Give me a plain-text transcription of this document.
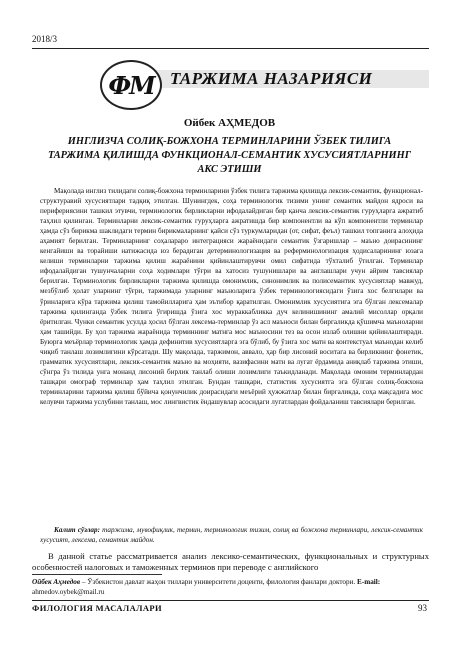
2018/3
ФМ ТАРЖИМА НАЗАРИЯСИ
Ойбек АҲМЕДОВ
ИНГЛИЗЧА СОЛИҚ-БОЖХОНА ТЕРМИНЛАРИНИ ЎЗБЕК ТИЛИГА ТАРЖИМА ҚИЛИШДА ФУНКЦИОНАЛ-СЕМАНТИК ХУСУСИЯТЛАРНИНГ АКС ЭТИШИ

Мақолада инглиз тилидаги солиқ-божхона терминларини ўзбек тилига таржима қилишда лексик-семантик, функционал-структуравий хусусиятлари тадқиқ этилган. Шунингдек, соҳа терминологик тизими унинг семантик майдон ядроси ва перифериясини ташкил этувчи, терминологик бирликларни ифодалайдиган бир қанча лексик-семантик гуруҳларга ажратиб таҳлил қилинган. Терминларни лексик-семантик гуруҳларга ажратишда бир компонентли ва кўп компонентли терминлар ҳамда сўз бирикма шаклидаги термин бирикмаларнинг қайси сўз туркумларидан (от, сифат, феъл) ташкил топганига алоҳида аҳамият берилган. Терминларнинг соҳаларaро интеграцияси жараёнидаги семантик ўзгаришлар – маъно доирасининг кенгайиши ва торайиши натижасида юз берадиган детерминологизация ва реферминологизация ҳодисаларининг юзага келиши терминларни таржима қилиш жараёнини қийинлаштирувчи омил сифатида тўхталиб ўтилган. Терминлар ифодалайдиган тушунчаларни соҳа ходимлари тўғри ва хатосиз тушунишлари ва англашлари учун айрим тавсиялар берилган. Терминологик бирликларни таржима қилишда омонимлик, синонимлик ва полисемантик хусусиятлар мавжуд, мезбўлиб ҳолат уларнинг тўғри, таржимада уларнинг маъноларига ўзбек терминологиясидаги ўзига хос белгилари ва ўринларига кўра таржима қилиш тамойилларига ҳам эътибор қаратилган. Омонимлик хусусиятига эга бўлган лексемалар таржима қилинганда ўзбек тилига ўгиришда ўзига хос мураккабликка дуч келинишининг амалий мисоллар орқали ёритилган. Чунки семантик усулда ҳосил бўлган лексема-терминлар ўз асл маъноси билан биргаликда қўшимча маъноларни ҳам ташийди. Бу ҳол таржима жараёнида терминнинг матнга мос маъносини тез ва осон излаб олишни қийинлаштиради. Буюрга меъёрлар терминологик ҳамда дефинитив хусусиятларга эга бўлиб, бу ўзига хос матн ва контекстуал маънодан келиб чиқиб танлаш лозимлигини кўрсатади. Шу мақолада, таржимон, аввало, ҳар бир лисоний воситага ва бирликнинг фонетик, грамматик хусусиятлари, лексик-семантик маъно ва моҳияти, вазифасини матн ва лугат ёрдамида аниқлаб таржима этиши, сўнгра ўз тилида унга монанд лисоний бирлик танлаб олиши лозимлиги таъкидланади. Мақолада омоним терминлардан ташқари омограф терминлар ҳам таҳлил этилган. Бундан ташқари, статистик хусусиятга эга бўлган солиқ-божхона терминларини таржима қилиш бўйича қонунчилик доирасидаги меъёрий ҳужжатлар билан биргаликда, соҳа мақсадига мос келувчи таржима услубини танлаш, мос лингвистик ёндашувлар асосидаги лугатлардан фойдаланиш тавсиялари берилган.

Калит сўзлар: таржима, мувофиқлик, термин, терминологик тизим, солиқ ва божхона терминлари, лексик-семантик хусусият, лексема, семантик майдон.

В данной статье рассматривается анализ лексико-семантических, функциональных и структурных особенностей налоговых и таможенных терминов при переводе с английского

Ойбек Аҳмедов – Ўзбекистон давлат жаҳон тиллари университети доценти, филология фанлари доктори. E-mail: ahmedov.oybek@mail.ru
ФИЛОЛОГИЯ МАСАЛАЛАРИ	93
